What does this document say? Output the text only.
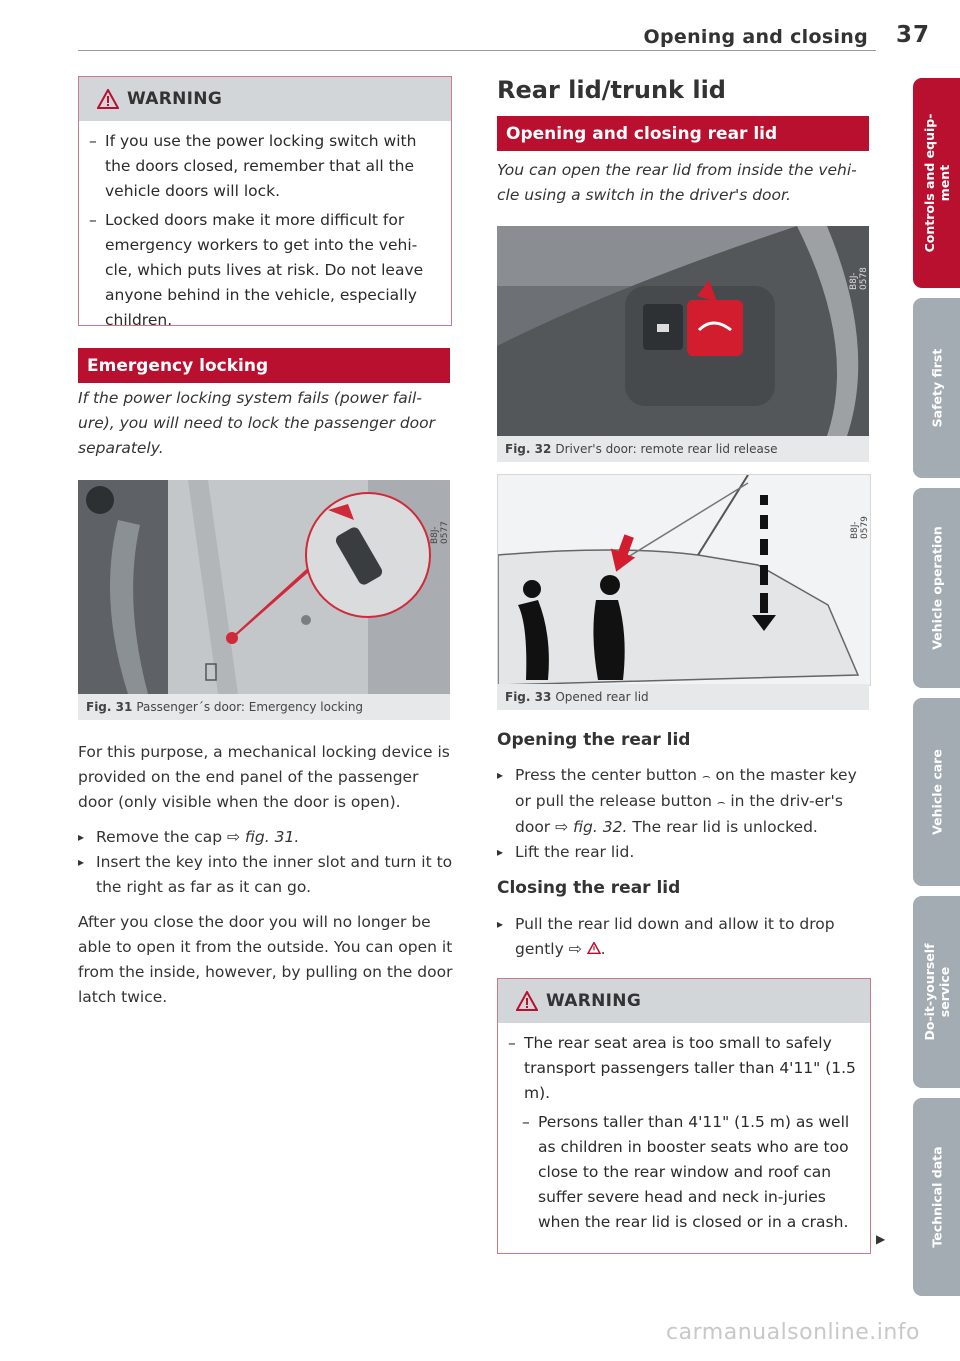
Opening and closing 37
Controls and equip-
ment
Safety first
Vehicle operation
Vehicle care
Do-it-yourself
service
Technical data
WARNING
– If you use the power locking switch with the doors closed, remember that all the vehicle doors will lock.
– Locked doors make it more difficult for emergency workers to get into the vehi-cle, which puts lives at risk. Do not leave anyone behind in the vehicle, especially children.
Emergency locking
If the power locking system fails (power fail-ure), you will need to lock the passenger door separately.
B8J-0577
Fig. 31 Passenger´s door: Emergency locking

For this purpose, a mechanical locking device is provided on the end panel of the passenger door (only visible when the door is open).

▸ Remove the cap ⇨ fig. 31.

▸ Insert the key into the inner slot and turn it to the right as far as it can go.

After you close the door you will no longer be able to open it from the outside. You can open it from the inside, however, by pulling on the door latch twice.

Rear lid/trunk lid
Opening and closing rear lid
You can open the rear lid from inside the vehi-cle using a switch in the driver's door.
B8J-0578
Fig. 32 Driver's door: remote rear lid release
B8J-0579
Fig. 33 Opened rear lid
Opening the rear lid

▸ Press the center button ⌢ on the master key or pull the release button ⌢ in the driv-er's door ⇨ fig. 32. The rear lid is unlocked.

▸ Lift the rear lid.

Closing the rear lid

▸ Pull the rear lid down and allow it to drop gently ⇨ .

WARNING
– The rear seat area is too small to safely transport passengers taller than 4'11" (1.5 m).
– Persons taller than 4'11" (1.5 m) as well as children in booster seats who are too close to the rear window and roof can suffer severe head and neck in-juries when the rear lid is closed or in a crash.
▶
carmanualsonline.info
